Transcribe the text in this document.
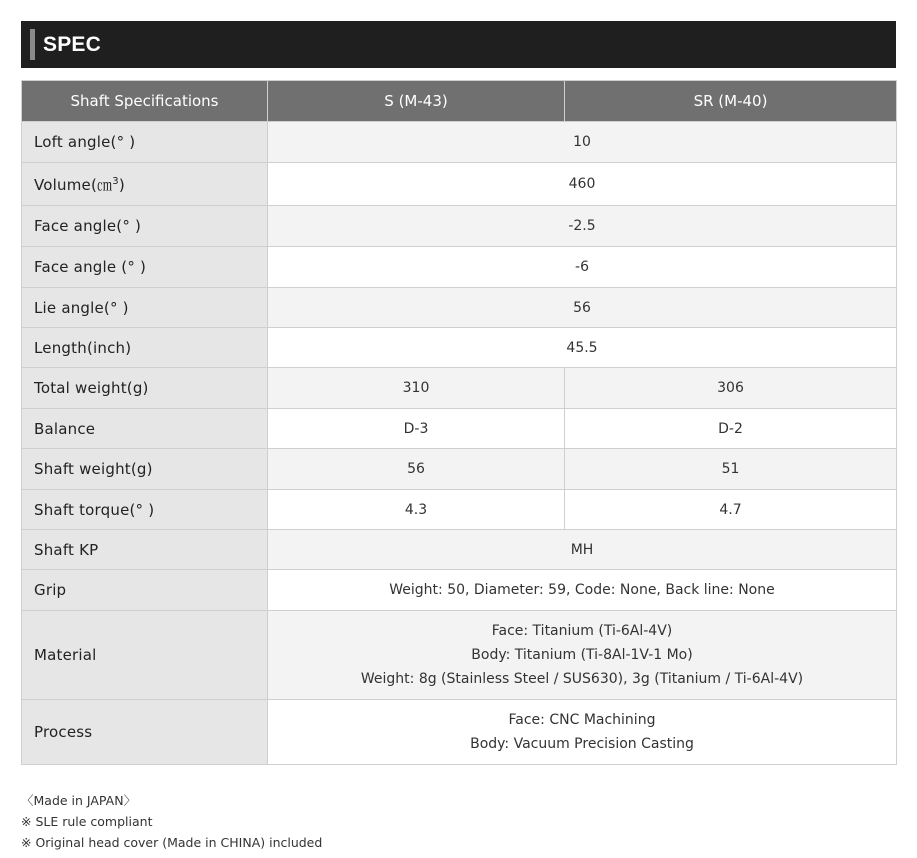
SPEC
Shaft Specifications	S (M-43)	SR (M-40)
Loft angle(° )	10	
Volume(㎝$^3$)	460	
Face angle(° )	-2.5	
Face angle (° )	-6	
Lie angle(° )	56	
Length(inch)	45.5	
Total weight(g)	310	306
Balance	D-3	D-2
Shaft weight(g)	56	51
Shaft torque(° )	4.3	4.7
Shaft KP	MH	
Grip	Weight: 50, Diameter: 59, Code: None, Back line: None	
Material	Face: Titanium (Ti-6Al-4V)
Body: Titanium (Ti-8Al-1V-1 Mo)
Weight: 8g (Stainless Steel / SUS630), 3g (Titanium / Ti-6Al-4V)	

Process	Face: CNC Machining
Body: Vacuum Precision Casting	
〈Made in JAPAN〉
※ SLE rule compliant
※ Original head cover (Made in CHINA) included
